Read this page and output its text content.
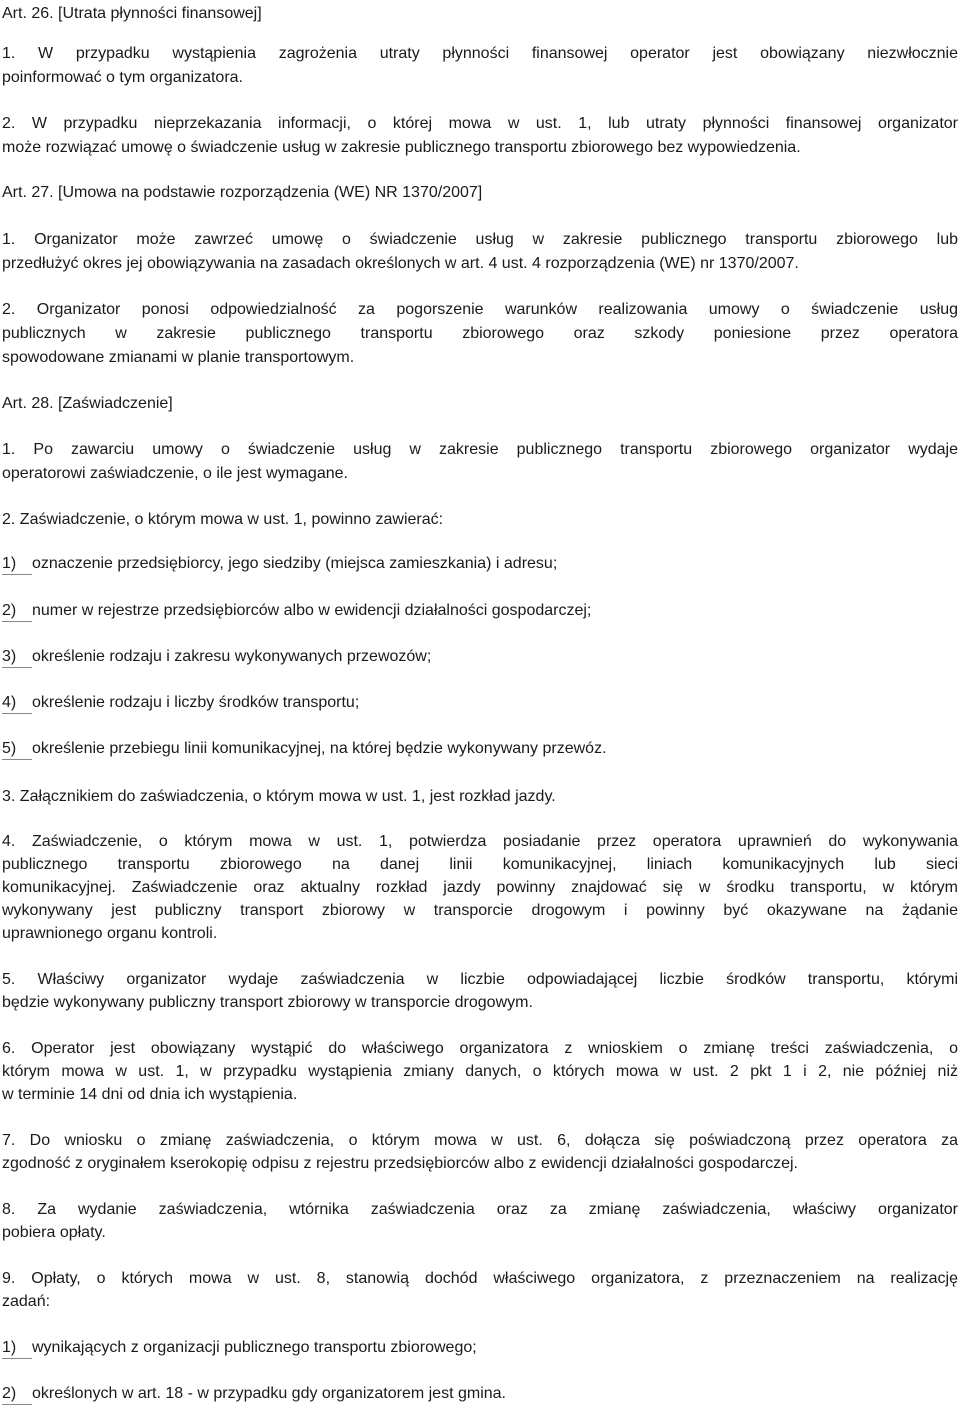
Art. 26. [Utrata płynności finansowej]
1. W przypadku wystąpienia zagrożenia utraty płynności finansowej operator jest obowiązany niezwłocznie
poinformować o tym organizatora.
2. W przypadku nieprzekazania informacji, o której mowa w ust. 1, lub utraty płynności finansowej organizator
może rozwiązać umowę o świadczenie usług w zakresie publicznego transportu zbiorowego bez wypowiedzenia.
Art. 27. [Umowa na podstawie rozporządzenia (WE) NR 1370/2007]
1. Organizator może zawrzeć umowę o świadczenie usług w zakresie publicznego transportu zbiorowego lub
przedłużyć okres jej obowiązywania na zasadach określonych w art. 4 ust. 4 rozporządzenia (WE) nr 1370/2007.
2. Organizator ponosi odpowiedzialność za pogorszenie warunków realizowania umowy o świadczenie usług
publicznych w zakresie publicznego transportu zbiorowego oraz szkody poniesione przez operatora
spowodowane zmianami w planie transportowym.
Art. 28. [Zaświadczenie]
1. Po zawarciu umowy o świadczenie usług w zakresie publicznego transportu zbiorowego organizator wydaje
operatorowi zaświadczenie, o ile jest wymagane.
2. Zaświadczenie, o którym mowa w ust. 1, powinno zawierać:
1) oznaczenie przedsiębiorcy, jego siedziby (miejsca zamieszkania) i adresu;
2) numer w rejestrze przedsiębiorców albo w ewidencji działalności gospodarczej;
3) określenie rodzaju i zakresu wykonywanych przewozów;
4) określenie rodzaju i liczby środków transportu;
5) określenie przebiegu linii komunikacyjnej, na której będzie wykonywany przewóz.
3. Załącznikiem do zaświadczenia, o którym mowa w ust. 1, jest rozkład jazdy.
4. Zaświadczenie, o którym mowa w ust. 1, potwierdza posiadanie przez operatora uprawnień do wykonywania
publicznego transportu zbiorowego na danej linii komunikacyjnej, liniach komunikacyjnych lub sieci
komunikacyjnej. Zaświadczenie oraz aktualny rozkład jazdy powinny znajdować się w środku transportu, w którym
wykonywany jest publiczny transport zbiorowy w transporcie drogowym i powinny być okazywane na żądanie
uprawnionego organu kontroli.
5. Właściwy organizator wydaje zaświadczenia w liczbie odpowiadającej liczbie środków transportu, którymi
będzie wykonywany publiczny transport zbiorowy w transporcie drogowym.
6. Operator jest obowiązany wystąpić do właściwego organizatora z wnioskiem o zmianę treści zaświadczenia, o
którym mowa w ust. 1, w przypadku wystąpienia zmiany danych, o których mowa w ust. 2 pkt 1 i 2, nie później niż
w terminie 14 dni od dnia ich wystąpienia.
7. Do wniosku o zmianę zaświadczenia, o którym mowa w ust. 6, dołącza się poświadczoną przez operatora za
zgodność z oryginałem kserokopię odpisu z rejestru przedsiębiorców albo z ewidencji działalności gospodarczej.
8. Za wydanie zaświadczenia, wtórnika zaświadczenia oraz za zmianę zaświadczenia, właściwy organizator
pobiera opłaty.
9. Opłaty, o których mowa w ust. 8, stanowią dochód właściwego organizatora, z przeznaczeniem na realizację
zadań:
1) wynikających z organizacji publicznego transportu zbiorowego;
2) określonych w art. 18 - w przypadku gdy organizatorem jest gmina.
